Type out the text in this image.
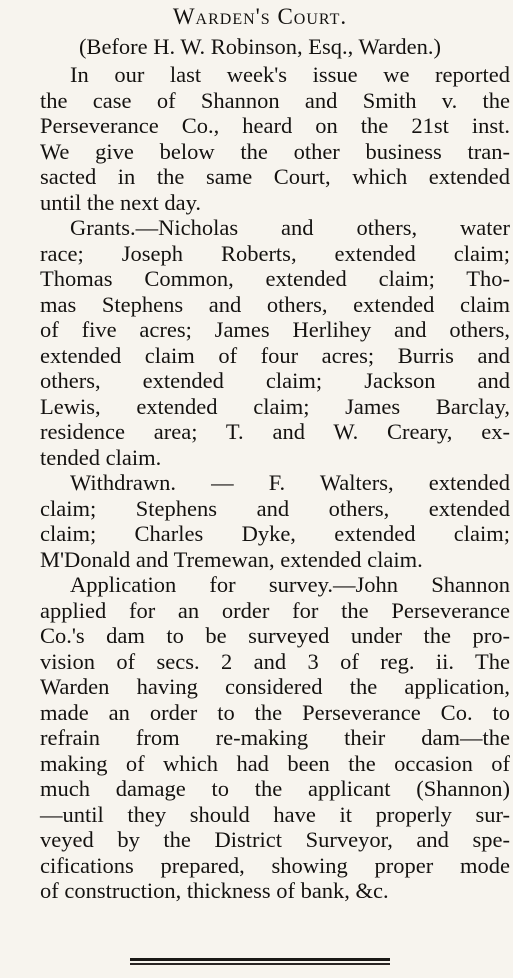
Warden's Court.
(Before H. W. Robinson, Esq., Warden.)
In our last week's issue we reported
the case of Shannon and Smith v. the
Perseverance Co., heard on the 21st inst.
We give below the other business tran-
sacted in the same Court, which extended
until the next day.
Grants.—Nicholas and others, water
race; Joseph Roberts, extended claim;
Thomas Common, extended claim; Tho-
mas Stephens and others, extended claim
of five acres; James Herlihey and others,
extended claim of four acres; Burris and
others, extended claim; Jackson and
Lewis, extended claim; James Barclay,
residence area; T. and W. Creary, ex-
tended claim.
Withdrawn. — F. Walters, extended
claim; Stephens and others, extended
claim; Charles Dyke, extended claim;
M'Donald and Tremewan, extended claim.
Application for survey.—John Shannon
applied for an order for the Perseverance
Co.'s dam to be surveyed under the pro-
vision of secs. 2 and 3 of reg. ii. The
Warden having considered the application,
made an order to the Perseverance Co. to
refrain from re-making their dam—the
making of which had been the occasion of
much damage to the applicant (Shannon)
—until they should have it properly sur-
veyed by the District Surveyor, and spe-
cifications prepared, showing proper mode
of construction, thickness of bank, &c.
